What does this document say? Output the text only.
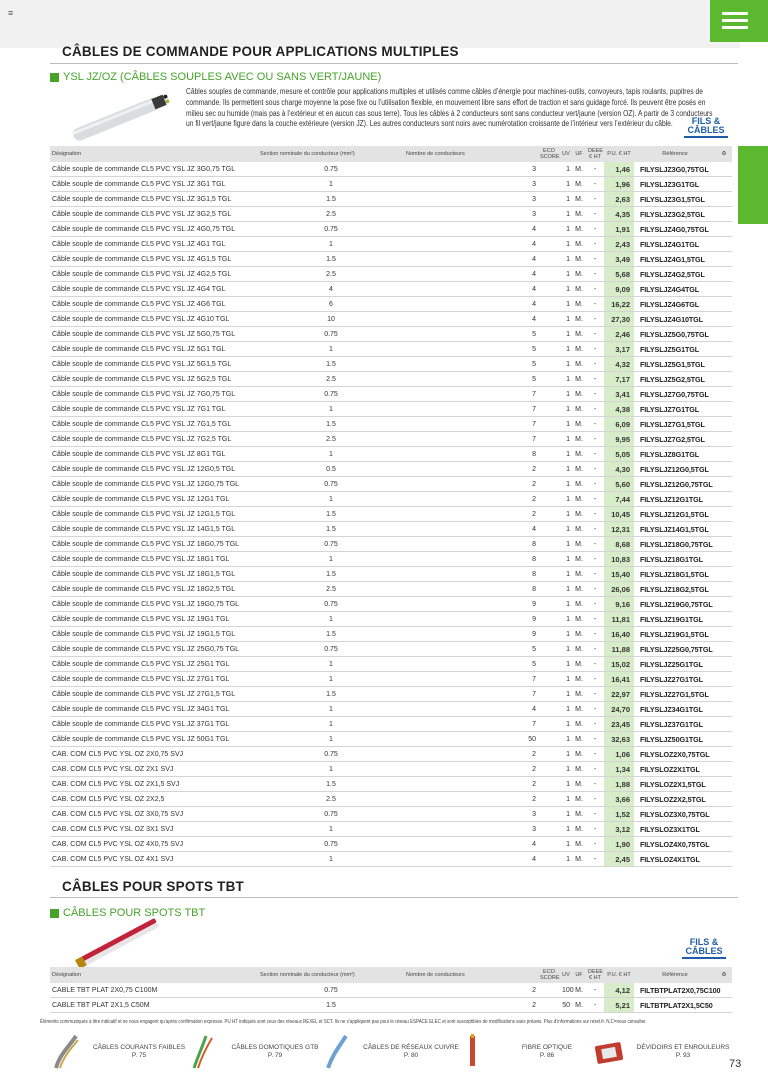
≡
CÂBLES DE COMMANDE POUR APPLICATIONS MULTIPLES
YSL JZ/OZ (CÂBLES SOUPLES AVEC OU SANS VERT/JAUNE)
Câbles souples de commande, mesure et contrôle pour applications multiples et utilisés comme câbles d’énergie pour machines-outils, convoyeurs, tapis roulants, pupitres de commande. Ils permettent sous charge moyenne la pose fixe ou l’utilisation flexible, en mouvement libre sans effort de traction et sans guidage forcé. Ils peuvent être posés en milieu sec ou humide (mais pas à l’extérieur et en aucun cas sous terre). Tous les câbles à 2 conducteurs sont sans conducteur vert/jaune (version OZ). A partir de 3 conducteurs un fil vert/jaune figure dans la couche extérieure (version JZ). Les autres conducteurs sont noirs avec numérotation croissante de l’intérieur vers l’extérieur du câble.	FILS &
CÂBLES
Désignation	Section nominale du conducteur (mm²)	Nombre de conducteurs	ECO SCORE	UV	UF	DEEE € HT	P.U. € HT	Référence	♻
Câble souple de commande CL5 PVC YSL JZ 3G0,75 TGL	0.75	3		1	M.	-	1,46	FILYSLJZ3G0,75TGL	
Câble souple de commande CL5 PVC YSL JZ 3G1 TGL	1	3		1	M.	-	1,96	FILYSLJZ3G1TGL	
Câble souple de commande CL5 PVC YSL JZ 3G1,5 TGL	1.5	3		1	M.	-	2,63	FILYSLJZ3G1,5TGL	
Câble souple de commande CL5 PVC YSL JZ 3G2,5 TGL	2.5	3		1	M.	-	4,35	FILYSLJZ3G2,5TGL	
Câble souple de commande CL5 PVC YSL JZ 4G0,75 TGL	0.75	4		1	M.	-	1,91	FILYSLJZ4G0,75TGL	
Câble souple de commande CL5 PVC YSL JZ 4G1 TGL	1	4		1	M.	-	2,43	FILYSLJZ4G1TGL	
Câble souple de commande CL5 PVC YSL JZ 4G1,5 TGL	1.5	4		1	M.	-	3,49	FILYSLJZ4G1,5TGL	
Câble souple de commande CL5 PVC YSL JZ 4G2,5 TGL	2.5	4		1	M.	-	5,68	FILYSLJZ4G2,5TGL	
Câble souple de commande CL5 PVC YSL JZ 4G4 TGL	4	4		1	M.	-	9,09	FILYSLJZ4G4TGL	
Câble souple de commande CL5 PVC YSL JZ 4G6 TGL	6	4		1	M.	-	16,22	FILYSLJZ4G6TGL	
Câble souple de commande CL5 PVC YSL JZ 4G10 TGL	10	4		1	M.	-	27,30	FILYSLJZ4G10TGL	
Câble souple de commande CL5 PVC YSL JZ 5G0,75 TGL	0.75	5		1	M.	-	2,46	FILYSLJZ5G0,75TGL	
Câble souple de commande CL5 PVC YSL JZ 5G1 TGL	1	5		1	M.	-	3,17	FILYSLJZ5G1TGL	
Câble souple de commande CL5 PVC YSL JZ 5G1,5 TGL	1.5	5		1	M.	-	4,32	FILYSLJZ5G1,5TGL	
Câble souple de commande CL5 PVC YSL JZ 5G2,5 TGL	2.5	5		1	M.	-	7,17	FILYSLJZ5G2,5TGL	
Câble souple de commande CL5 PVC YSL JZ 7G0,75 TGL	0.75	7		1	M.	-	3,41	FILYSLJZ7G0,75TGL	
Câble souple de commande CL5 PVC YSL JZ 7G1 TGL	1	7		1	M.	-	4,38	FILYSLJZ7G1TGL	
Câble souple de commande CL5 PVC YSL JZ 7G1,5 TGL	1.5	7		1	M.	-	6,09	FILYSLJZ7G1,5TGL	
Câble souple de commande CL5 PVC YSL JZ 7G2,5 TGL	2.5	7		1	M.	-	9,95	FILYSLJZ7G2,5TGL	
Câble souple de commande CL5 PVC YSL JZ 8G1 TGL	1	8		1	M.	-	5,05	FILYSLJZ8G1TGL	
Câble souple de commande CL5 PVC YSL JZ 12G0,5 TGL	0.5	2		1	M.	-	4,30	FILYSLJZ12G0,5TGL	
Câble souple de commande CL5 PVC YSL JZ 12G0,75 TGL	0.75	2		1	M.	-	5,60	FILYSLJZ12G0,75TGL	
Câble souple de commande CL5 PVC YSL JZ 12G1 TGL	1	2		1	M.	-	7,44	FILYSLJZ12G1TGL	
Câble souple de commande CL5 PVC YSL JZ 12G1,5 TGL	1.5	2		1	M.	-	10,45	FILYSLJZ12G1,5TGL	
Câble souple de commande CL5 PVC YSL JZ 14G1,5 TGL	1.5	4		1	M.	-	12,31	FILYSLJZ14G1,5TGL	
Câble souple de commande CL5 PVC YSL JZ 18G0,75 TGL	0.75	8		1	M.	-	8,68	FILYSLJZ18G0,75TGL	
Câble souple de commande CL5 PVC YSL JZ 18G1 TGL	1	8		1	M.	-	10,83	FILYSLJZ18G1TGL	
Câble souple de commande CL5 PVC YSL JZ 18G1,5 TGL	1.5	8		1	M.	-	15,40	FILYSLJZ18G1,5TGL	
Câble souple de commande CL5 PVC YSL JZ 18G2,5 TGL	2.5	8		1	M.	-	26,06	FILYSLJZ18G2,5TGL	
Câble souple de commande CL5 PVC YSL JZ 19G0,75 TGL	0.75	9		1	M.	-	9,16	FILYSLJZ19G0,75TGL	
Câble souple de commande CL5 PVC YSL JZ 19G1 TGL	1	9		1	M.	-	11,81	FILYSLJZ19G1TGL	
Câble souple de commande CL5 PVC YSL JZ 19G1,5 TGL	1.5	9		1	M.	-	16,40	FILYSLJZ19G1,5TGL	
Câble souple de commande CL5 PVC YSL JZ 25G0,75 TGL	0.75	5		1	M.	-	11,88	FILYSLJZ25G0,75TGL	
Câble souple de commande CL5 PVC YSL JZ 25G1 TGL	1	5		1	M.	-	15,02	FILYSLJZ25G1TGL	
Câble souple de commande CL5 PVC YSL JZ 27G1 TGL	1	7		1	M.	-	16,41	FILYSLJZ27G1TGL	
Câble souple de commande CL5 PVC YSL JZ 27G1,5 TGL	1.5	7		1	M.	-	22,97	FILYSLJZ27G1,5TGL	
Câble souple de commande CL5 PVC YSL JZ 34G1 TGL	1	4		1	M.	-	24,70	FILYSLJZ34G1TGL	
Câble souple de commande CL5 PVC YSL JZ 37G1 TGL	1	7		1	M.	-	23,45	FILYSLJZ37G1TGL	
Câble souple de commande CL5 PVC YSL JZ 50G1 TGL	1	50		1	M.	-	32,63	FILYSLJZ50G1TGL	
CAB. COM CL5 PVC YSL OZ 2X0,75 SVJ	0.75	2		1	M.	-	1,06	FILYSLOZ2X0,75TGL	
CAB. COM CL5 PVC YSL OZ 2X1 SVJ	1	2		1	M.	-	1,34	FILYSLOZ2X1TGL	
CAB. COM CL5 PVC YSL OZ 2X1,5 SVJ	1.5	2		1	M.	-	1,88	FILYSLOZ2X1,5TGL	
CAB. COM CL5 PVC YSL OZ 2X2,5	2.5	2		1	M.	-	3,66	FILYSLOZ2X2,5TGL	
CAB. COM CL5 PVC YSL OZ 3X0,75 SVJ	0.75	3		1	M.	-	1,52	FILYSLOZ3X0,75TGL	
CAB. COM CL5 PVC YSL OZ 3X1 SVJ	1	3		1	M.	-	3,12	FILYSLOZ3X1TGL	
CAB. COM CL5 PVC YSL OZ 4X0,75 SVJ	0.75	4		1	M.	-	1,90	FILYSLOZ4X0,75TGL	
CAB. COM CL5 PVC YSL OZ 4X1 SVJ	1	4		1	M.	-	2,45	FILYSLOZ4X1TGL	
CÂBLES POUR SPOTS TBT
CÂBLES POUR SPOTS TBT
FILS &
CÂBLES
Désignation	Section nominale du conducteur (mm²)	Nombre de conducteurs	ECO SCORE	UV	UF	DEEE € HT	P.U. € HT	Référence	♻
CABLE TBT PLAT 2X0,75 C100M	0.75	2		100	M.	-	4,12	FILTBTPLAT2X0,75C100	
CABLE TBT PLAT 2X1,5 C50M	1.5	2		50	M.	-	5,21	FILTBTPLAT2X1,5C50	
Éléments communiqués à titre indicatif et ne nous engagent qu’après confirmation expresse. PU HT indiqués sont ceux des réseaux REXEL et SCT. Ils ne s’appliquent pas pour le réseau ESPACE ELEC et sont susceptibles de modifications sans préavis. Plus d’informations sur rexel.fr. N.C=nous consulter.
CÂBLES COURANTS FAIBLES
P. 75
CÂBLES DOMOTIQUES GTB
P. 79
CÂBLES DE RÉSEAUX CUIVRE
P. 80
FIBRE OPTIQUE
P. 86
DÉVIDOIRS ET ENROULEURS
P. 93
73
